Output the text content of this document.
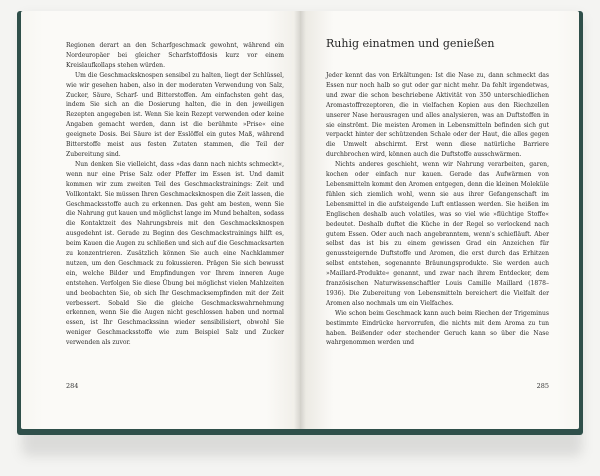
Regionen derart an den Scharfgeschmack gewohnt, während ein Nordeuropäer bei gleicher Scharfstoffdosis kurz vor einem Kreislaufkollaps stehen würden.

Um die Geschmacksknospen sensibel zu halten, liegt der Schlüssel, wie wir gesehen haben, also in der moderaten Verwendung von Salz, Zucker, Säure, Scharf- und Bitterstoffen. Am einfachsten geht das, indem Sie sich an die Dosierung halten, die in den jeweiligen Rezepten angegeben ist. Wenn Sie kein Rezept verwenden oder keine Angaben gemacht werden, dann ist die berühmte »Prise« eine geeignete Dosis. Bei Säure ist der Esslöffel ein gutes Maß, während Bitterstoffe meist aus festen Zutaten stammen, die Teil der Zubereitung sind.

Nun denken Sie vielleicht, dass »das dann nach nichts schmeckt«, wenn nur eine Prise Salz oder Pfeffer im Essen ist. Und damit kommen wir zum zweiten Teil des Geschmackstrainings: Zeit und Vollkontakt. Sie müssen Ihren Geschmacksknospen die Zeit lassen, die Geschmacksstoffe auch zu erkennen. Das geht am besten, wenn Sie die Nahrung gut kauen und möglichst lange im Mund behalten, sodass die Kontaktzeit des Nahrungsbreis mit den Geschmacksknospen ausgedehnt ist. Gerade zu Beginn des Geschmackstrainings hilft es, beim Kauen die Augen zu schließen und sich auf die Geschmacksarten zu konzentrieren. Zusätzlich können Sie auch eine Nachklammer nutzen, um den Geschmack zu fokussieren. Prägen Sie sich bewusst ein, welche Bilder und Empfindungen vor Ihrem inneren Auge entstehen. Verfolgen Sie diese Übung bei möglichst vielen Mahlzeiten und beobachten Sie, ob sich Ihr Geschmacksempfinden mit der Zeit verbessert. Sobald Sie die gleiche Geschmackswahrnehmung erkennen, wenn Sie die Augen nicht geschlossen haben und normal essen, ist Ihr Geschmackssinn wieder sensibilisiert, obwohl Sie weniger Geschmacksstoffe wie zum Beispiel Salz und Zucker verwenden als zuvor.

284
Ruhig einatmen und genießen

Jeder kennt das von Erkältungen: Ist die Nase zu, dann schmeckt das Essen nur noch halb so gut oder gar nicht mehr. Da fehlt irgendetwas, und zwar die schon beschriebene Aktivität von 350 unterschiedlichen Aromastoffrezeptoren, die in vielfachen Kopien aus den Riechzellen unserer Nase herausragen und alles analysieren, was an Duftstoffen in sie einströmt. Die meisten Aromen in Lebensmitteln befinden sich gut verpackt hinter der schützenden Schale oder der Haut, die alles gegen die Umwelt abschirmt. Erst wenn diese natürliche Barriere durchbrochen wird, können auch die Duftstoffe ausschwärmen.

Nichts anderes geschieht, wenn wir Nahrung verarbeiten, garen, kochen oder einfach nur kauen. Gerade das Aufwärmen von Lebensmitteln kommt den Aromen entgegen, denn die kleinen Moleküle fühlen sich ziemlich wohl, wenn sie aus ihrer Gefangenschaft im Lebensmittel in die aufsteigende Luft entlassen werden. Sie heißen im Englischen deshalb auch volatiles, was so viel wie »flüchtige Stoffe« bedeutet. Deshalb duftet die Küche in der Regel so verlockend nach gutem Essen. Oder auch nach angebranntem, wenn's schiefläuft. Aber selbst das ist bis zu einem gewissen Grad ein Anzeichen für genussteigernde Duftstoffe und Aromen, die erst durch das Erhitzen selbst entstehen, sogenannte Bräunungsprodukte. Sie werden auch »Maillard-Produkte« genannt, und zwar nach ihrem Entdecker, dem französischen Naturwissenschaftler Louis Camille Maillard (1878–1936). Die Zubereitung von Lebensmitteln bereichert die Vielfalt der Aromen also nochmals um ein Vielfaches.

Wie schon beim Geschmack kann auch beim Riechen der Trigeminus bestimmte Eindrücke hervorrufen, die nichts mit dem Aroma zu tun haben. Beißender oder stechender Geruch kann so über die Nase wahrgenommen werden und

285
